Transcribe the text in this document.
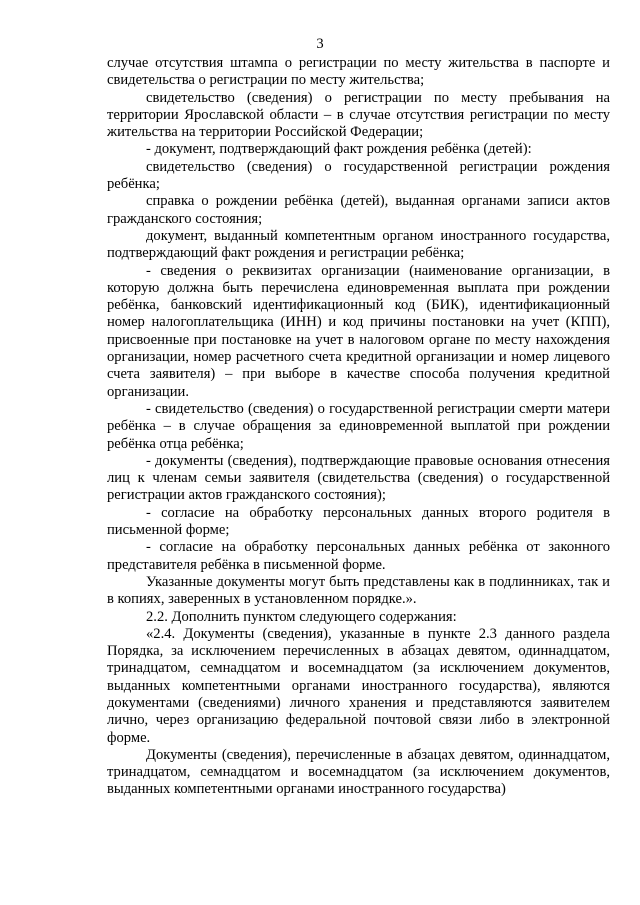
3

случае отсутствия штампа о регистрации по месту жительства в паспорте и свидетельства о регистрации по месту жительства;

свидетельство (сведения) о регистрации по месту пребывания на территории Ярославской области – в случае отсутствия регистрации по месту жительства на территории Российской Федерации;

- документ, подтверждающий факт рождения ребёнка (детей):

свидетельство (сведения) о государственной регистрации рождения ребёнка;

справка о рождении ребёнка (детей), выданная органами записи актов гражданского состояния;

документ, выданный компетентным органом иностранного государства, подтверждающий факт рождения и регистрации ребёнка;

- сведения о реквизитах организации (наименование организации, в которую должна быть перечислена единовременная выплата при рождении ребёнка, банковский идентификационный код (БИК), идентификационный номер налогоплательщика (ИНН) и код причины постановки на учет (КПП), присвоенные при постановке на учет в налоговом органе по месту нахождения организации, номер расчетного счета кредитной организации и номер лицевого счета заявителя) – при выборе в качестве способа получения кредитной организации.

- свидетельство (сведения) о государственной регистрации смерти матери ребёнка – в случае обращения за единовременной выплатой при рождении ребёнка отца ребёнка;

- документы (сведения), подтверждающие правовые основания отнесения лиц к членам семьи заявителя (свидетельства (сведения) о государственной регистрации актов гражданского состояния);

- согласие на обработку персональных данных второго родителя в письменной форме;

- согласие на обработку персональных данных ребёнка от законного представителя ребёнка в письменной форме.

Указанные документы могут быть представлены как в подлинниках, так и в копиях, заверенных в установленном порядке.».

2.2. Дополнить пунктом следующего содержания:

«2.4. Документы (сведения), указанные в пункте 2.3 данного раздела Порядка, за исключением перечисленных в абзацах девятом, одиннадцатом, тринадцатом, семнадцатом и восемнадцатом (за исключением документов, выданных компетентными органами иностранного государства), являются документами (сведениями) личного хранения и представляются заявителем лично, через организацию федеральной почтовой связи либо в электронной форме.

Документы (сведения), перечисленные в абзацах девятом, одиннадцатом, тринадцатом, семнадцатом и восемнадцатом (за исключением документов, выданных компетентными органами иностранного государства)
